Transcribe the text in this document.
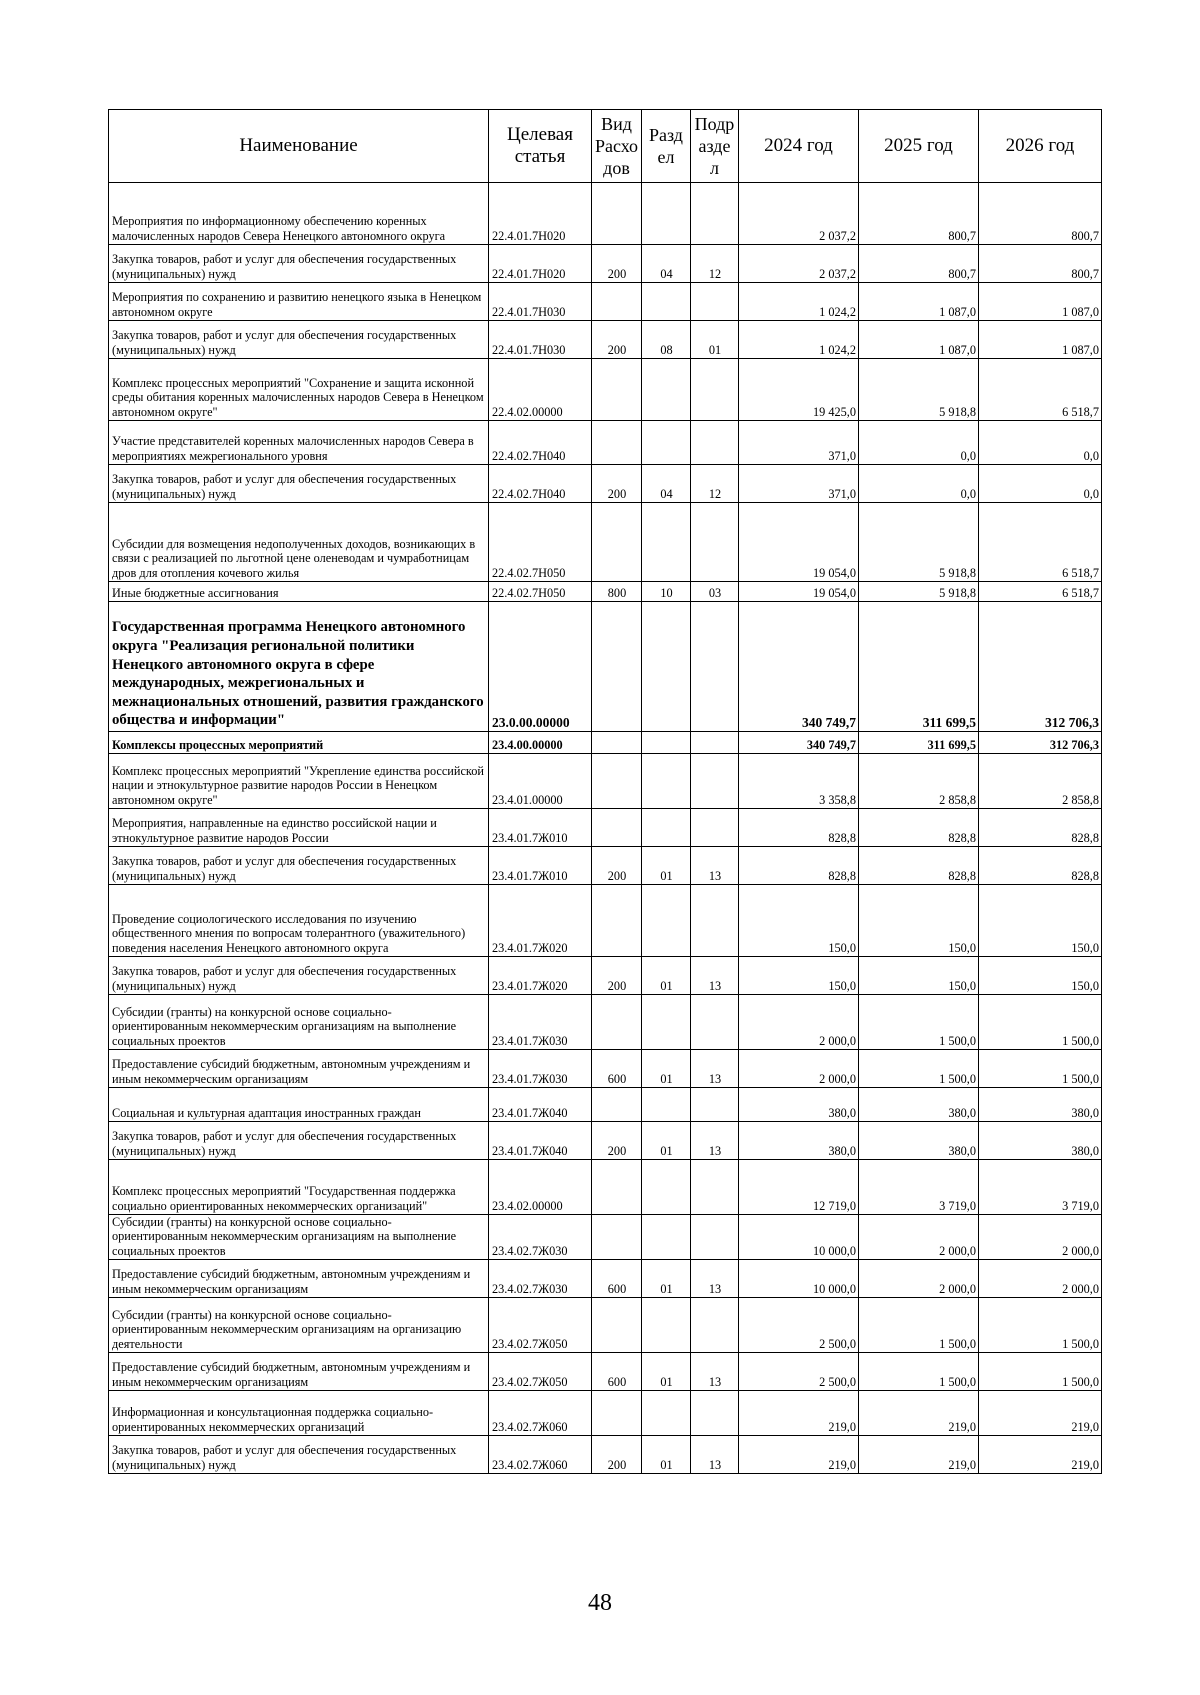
Наименование	Целевая статья	Вид Расхо дов	Разд ел	Подр азде л	2024 год	2025 год	2026 год
Мероприятия по информационному обеспечению коренных малочисленных народов Севера Ненецкого автономного округа	22.4.01.7Н020				2 037,2	800,7	800,7
Закупка товаров, работ и услуг для обеспечения государственных (муниципальных) нужд	22.4.01.7Н020	200	04	12	2 037,2	800,7	800,7
Мероприятия по сохранению и развитию ненецкого языка в Ненецком автономном округе	22.4.01.7Н030				1 024,2	1 087,0	1 087,0
Закупка товаров, работ и услуг для обеспечения государственных (муниципальных) нужд	22.4.01.7Н030	200	08	01	1 024,2	1 087,0	1 087,0
Комплекс процессных мероприятий "Сохранение и защита исконной среды обитания коренных малочисленных народов Севера в Ненецком автономном округе"	22.4.02.00000				19 425,0	5 918,8	6 518,7
Участие представителей коренных малочисленных народов Севера в мероприятиях межрегионального уровня	22.4.02.7Н040				371,0	0,0	0,0
Закупка товаров, работ и услуг для обеспечения государственных (муниципальных) нужд	22.4.02.7Н040	200	04	12	371,0	0,0	0,0
Субсидии для возмещения недополученных доходов, возникающих в связи с реализацией по льготной цене оленеводам и чумработницам дров для отопления кочевого жилья	22.4.02.7Н050				19 054,0	5 918,8	6 518,7
Иные бюджетные ассигнования	22.4.02.7Н050	800	10	03	19 054,0	5 918,8	6 518,7
Государственная программа Ненецкого автономного округа "Реализация региональной политики Ненецкого автономного округа в сфере международных, межрегиональных и межнациональных отношений, развития гражданского общества и информации"	23.0.00.00000				340 749,7	311 699,5	312 706,3
Комплексы процессных мероприятий	23.4.00.00000				340 749,7	311 699,5	312 706,3
Комплекс процессных мероприятий "Укрепление единства российской нации и этнокультурное развитие народов России в Ненецком автономном округе"	23.4.01.00000				3 358,8	2 858,8	2 858,8
Мероприятия, направленные на единство российской нации и этнокультурное развитие народов России	23.4.01.7Ж010				828,8	828,8	828,8
Закупка товаров, работ и услуг для обеспечения государственных (муниципальных) нужд	23.4.01.7Ж010	200	01	13	828,8	828,8	828,8
Проведение социологического исследования по изучению общественного мнения по вопросам толерантного (уважительного) поведения населения Ненецкого автономного округа	23.4.01.7Ж020				150,0	150,0	150,0
Закупка товаров, работ и услуг для обеспечения государственных (муниципальных) нужд	23.4.01.7Ж020	200	01	13	150,0	150,0	150,0
Субсидии (гранты) на конкурсной основе социально-ориентированным некоммерческим организациям на выполнение социальных проектов	23.4.01.7Ж030				2 000,0	1 500,0	1 500,0
Предоставление субсидий бюджетным, автономным учреждениям и иным некоммерческим организациям	23.4.01.7Ж030	600	01	13	2 000,0	1 500,0	1 500,0
Социальная и культурная адаптация иностранных граждан	23.4.01.7Ж040				380,0	380,0	380,0
Закупка товаров, работ и услуг для обеспечения государственных (муниципальных) нужд	23.4.01.7Ж040	200	01	13	380,0	380,0	380,0
Комплекс процессных мероприятий "Государственная поддержка социально ориентированных некоммерческих организаций"	23.4.02.00000				12 719,0	3 719,0	3 719,0
Субсидии (гранты) на конкурсной основе социально-ориентированным некоммерческим организациям на выполнение социальных проектов	23.4.02.7Ж030				10 000,0	2 000,0	2 000,0
Предоставление субсидий бюджетным, автономным учреждениям и иным некоммерческим организациям	23.4.02.7Ж030	600	01	13	10 000,0	2 000,0	2 000,0
Субсидии (гранты) на конкурсной основе социально-ориентированным некоммерческим организациям на организацию деятельности	23.4.02.7Ж050				2 500,0	1 500,0	1 500,0
Предоставление субсидий бюджетным, автономным учреждениям и иным некоммерческим организациям	23.4.02.7Ж050	600	01	13	2 500,0	1 500,0	1 500,0
Информационная и консультационная поддержка социально-ориентированных некоммерческих организаций	23.4.02.7Ж060				219,0	219,0	219,0
Закупка товаров, работ и услуг для обеспечения государственных (муниципальных) нужд	23.4.02.7Ж060	200	01	13	219,0	219,0	219,0
48
